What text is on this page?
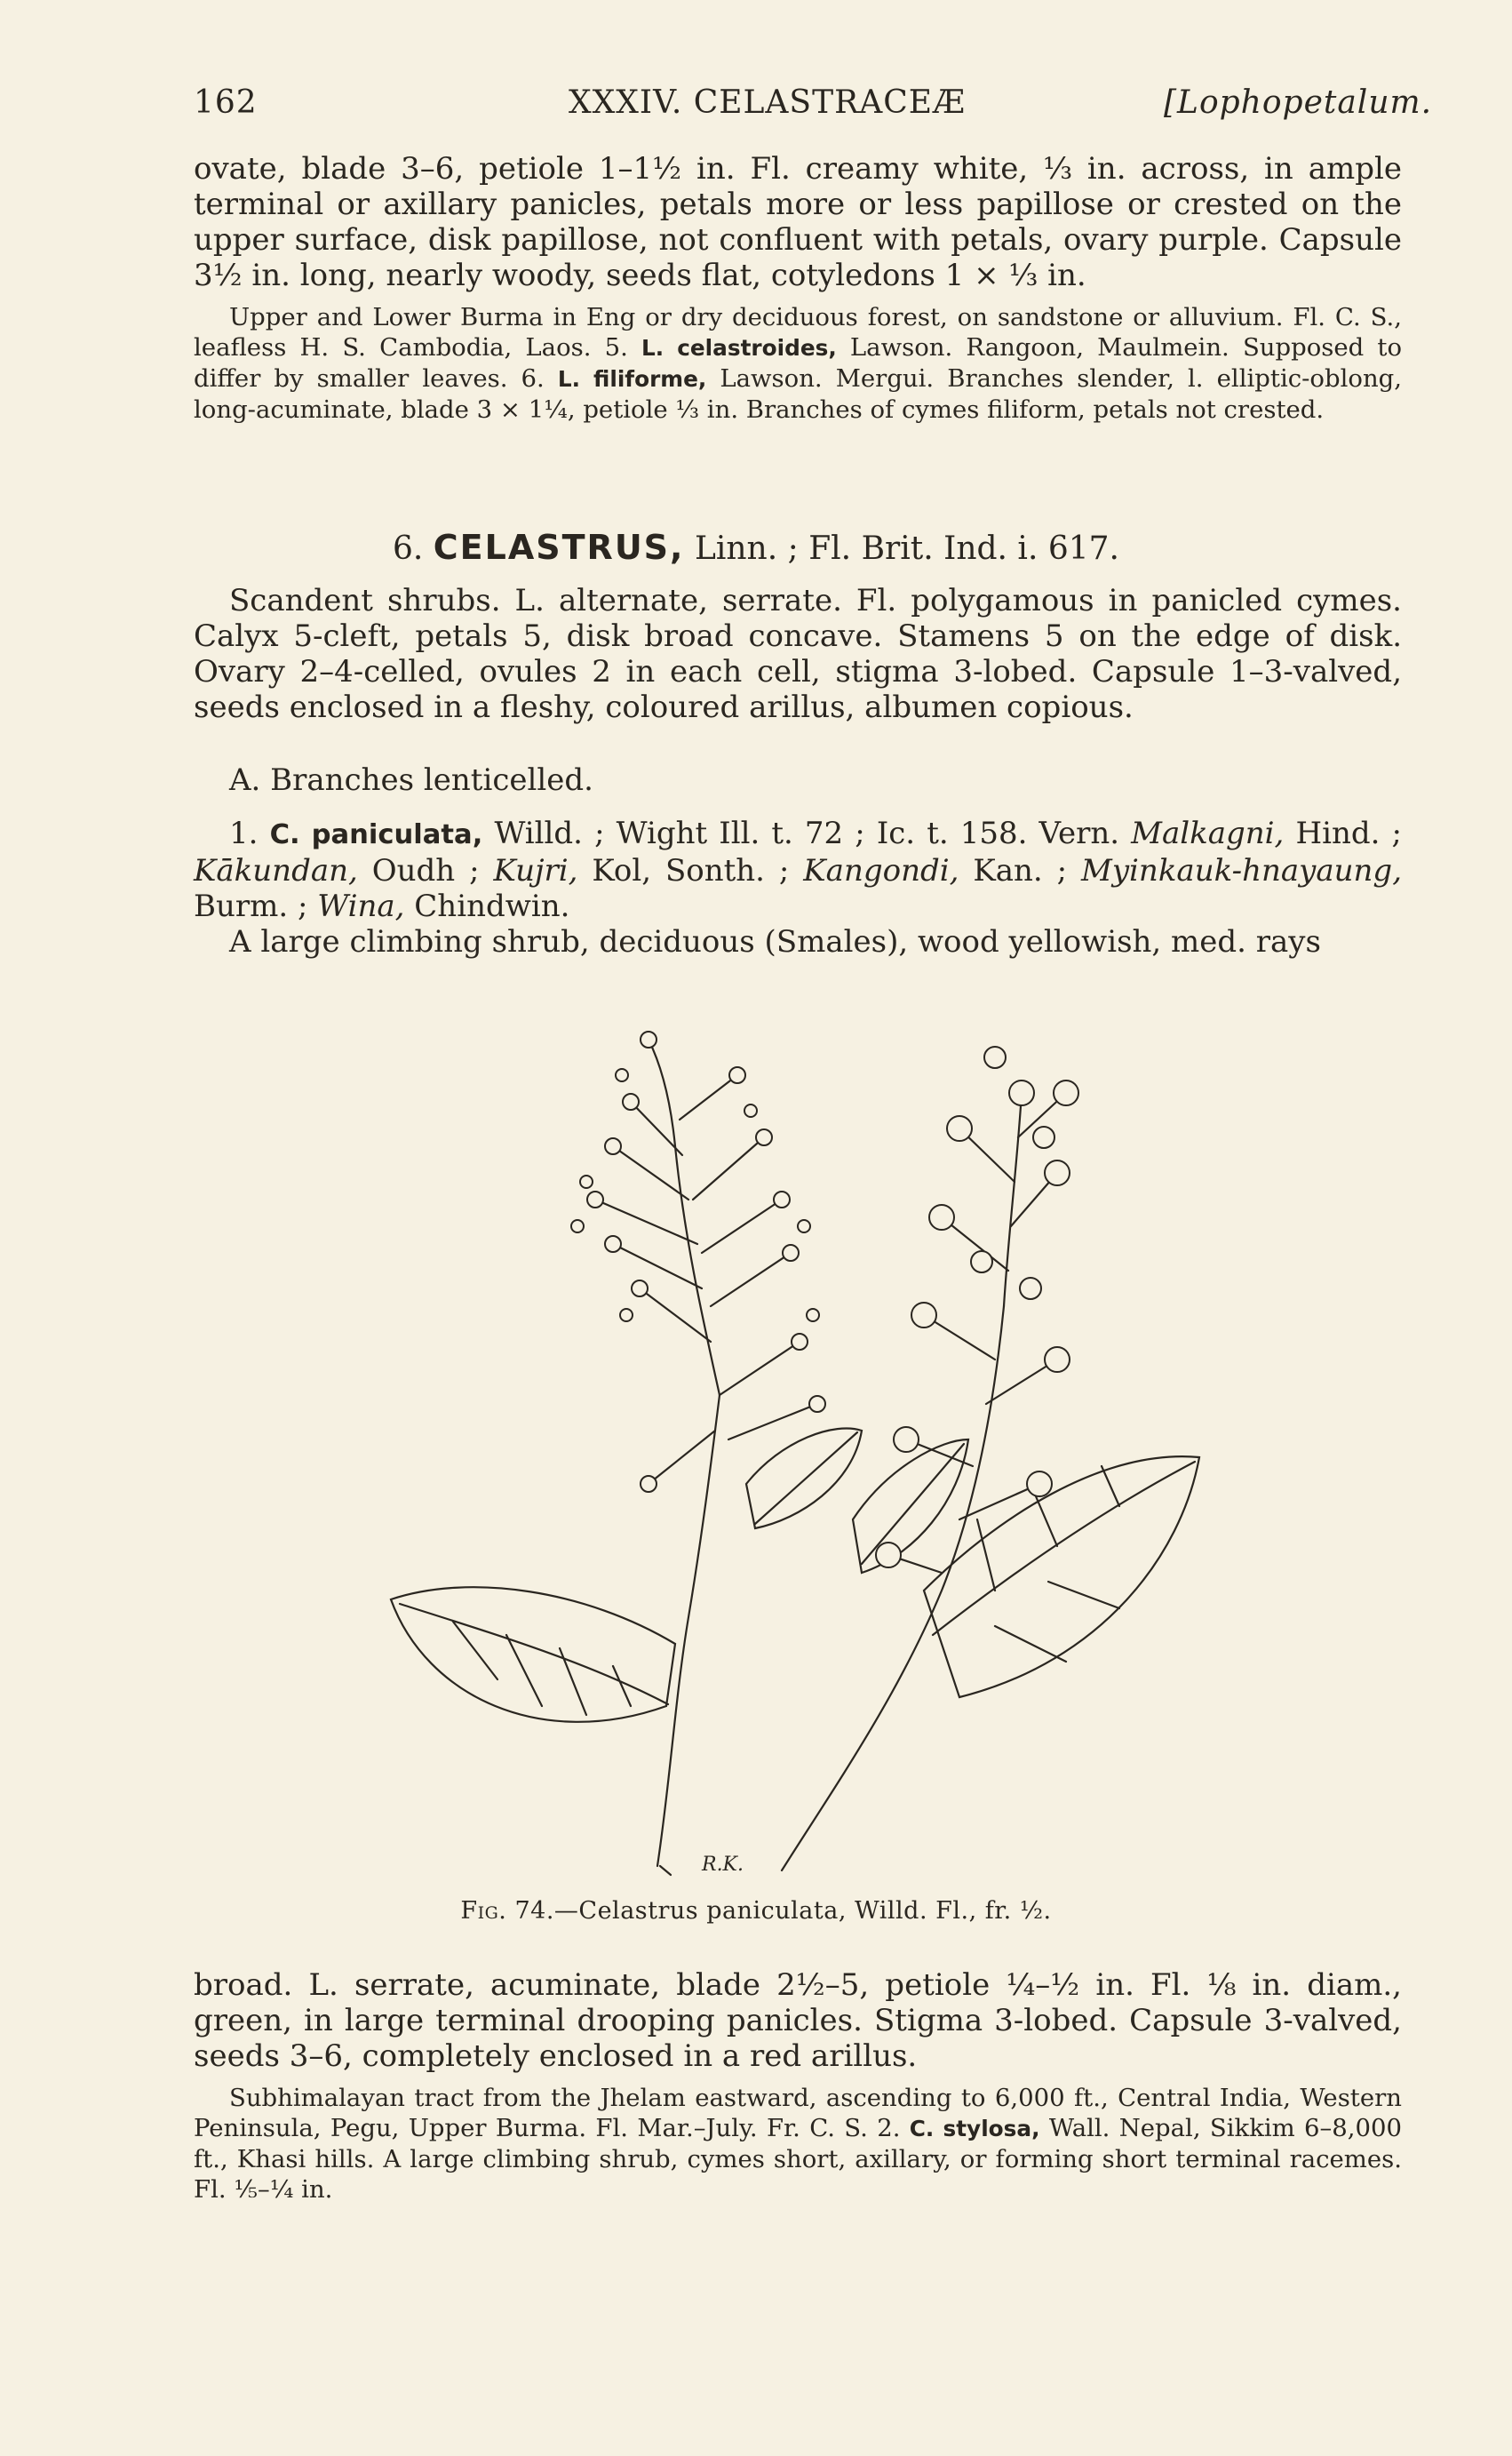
162	XXXIV. CELASTRACEÆ	[Lophopetalum.

ovate, blade 3–6, petiole 1–1½ in. Fl. creamy white, ⅓ in. across, in ample terminal or axillary panicles, petals more or less papillose or crested on the upper surface, disk papillose, not confluent with petals, ovary purple. Capsule 3½ in. long, nearly woody, seeds flat, cotyledons 1 × ⅓ in.

Upper and Lower Burma in Eng or dry deciduous forest, on sandstone or alluvium. Fl. C. S., leafless H. S. Cambodia, Laos. 5. L. celastroides, Lawson. Rangoon, Maulmein. Supposed to differ by smaller leaves. 6. L. filiforme, Lawson. Mergui. Branches slender, l. elliptic-oblong, long-acuminate, blade 3 × 1¼, petiole ⅓ in. Branches of cymes filiform, petals not crested.

6. CELASTRUS, Linn. ; Fl. Brit. Ind. i. 617.

Scandent shrubs. L. alternate, serrate. Fl. polygamous in panicled cymes. Calyx 5-cleft, petals 5, disk broad concave. Stamens 5 on the edge of disk. Ovary 2–4-celled, ovules 2 in each cell, stigma 3-lobed. Capsule 1–3-valved, seeds enclosed in a fleshy, coloured arillus, albumen copious.

A. Branches lenticelled.

1. C. paniculata, Willd. ; Wight Ill. t. 72 ; Ic. t. 158. Vern. Malkagni, Hind. ; Kākundan, Oudh ; Kujri, Kol, Sonth. ; Kangondi, Kan. ; Myinkauk-hnayaung, Burm. ; Wina, Chindwin.

A large climbing shrub, deciduous (Smales), wood yellowish, med. rays

R.K.
Fig. 74.—Celastrus paniculata, Willd. Fl., fr. ½.

broad. L. serrate, acuminate, blade 2½–5, petiole ¼–½ in. Fl. ⅛ in. diam., green, in large terminal drooping panicles. Stigma 3-lobed. Capsule 3-valved, seeds 3–6, completely enclosed in a red arillus.

Subhimalayan tract from the Jhelam eastward, ascending to 6,000 ft., Central India, Western Peninsula, Pegu, Upper Burma. Fl. Mar.–July. Fr. C. S. 2. C. stylosa, Wall. Nepal, Sikkim 6–8,000 ft., Khasi hills. A large climbing shrub, cymes short, axillary, or forming short terminal racemes. Fl. ⅕–¼ in.
